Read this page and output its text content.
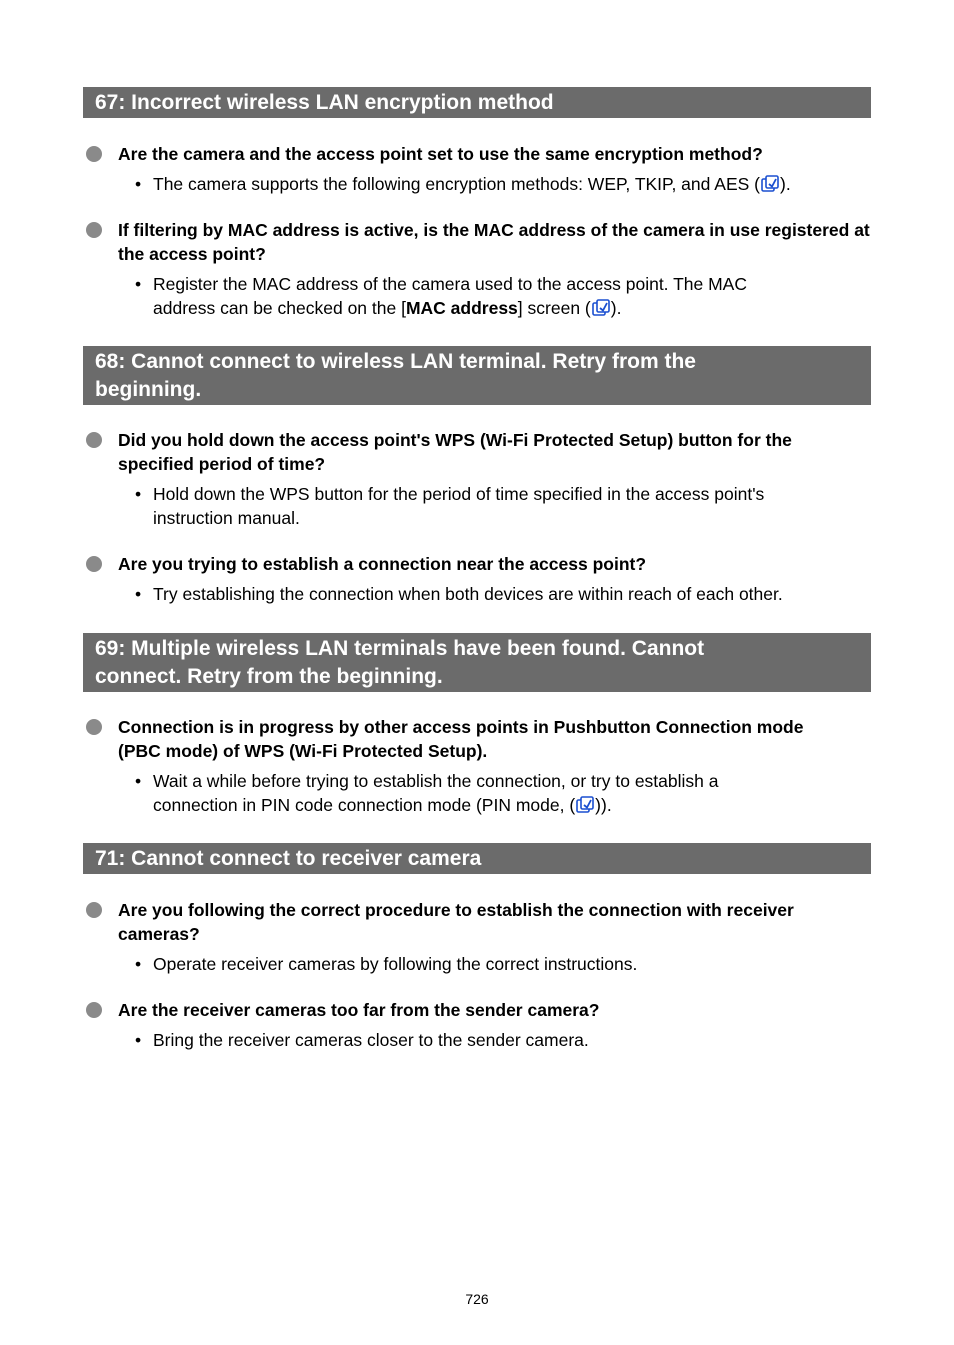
67: Incorrect wireless LAN encryption method
Are the camera and the access point set to use the same encryption method?
• The camera supports the following encryption methods: WEP, TKIP, and AES ( ).
If filtering by MAC address is active, is the MAC address of the camera in use registered at the access point?
• Register the MAC address of the camera used to the access point. The MAC address can be checked on the [MAC address] screen ( ).
68: Cannot connect to wireless LAN terminal. Retry from the beginning.
Did you hold down the access point's WPS (Wi-Fi Protected Setup) button for the specified period of time?
• Hold down the WPS button for the period of time specified in the access point's instruction manual.
Are you trying to establish a connection near the access point?
• Try establishing the connection when both devices are within reach of each other.
69: Multiple wireless LAN terminals have been found. Cannot connect. Retry from the beginning.
Connection is in progress by other access points in Pushbutton Connection mode (PBC mode) of WPS (Wi-Fi Protected Setup).
• Wait a while before trying to establish the connection, or try to establish a connection in PIN code connection mode (PIN mode, ( )).
71: Cannot connect to receiver camera
Are you following the correct procedure to establish the connection with receiver cameras?
• Operate receiver cameras by following the correct instructions.
Are the receiver cameras too far from the sender camera?
• Bring the receiver cameras closer to the sender camera.
726
